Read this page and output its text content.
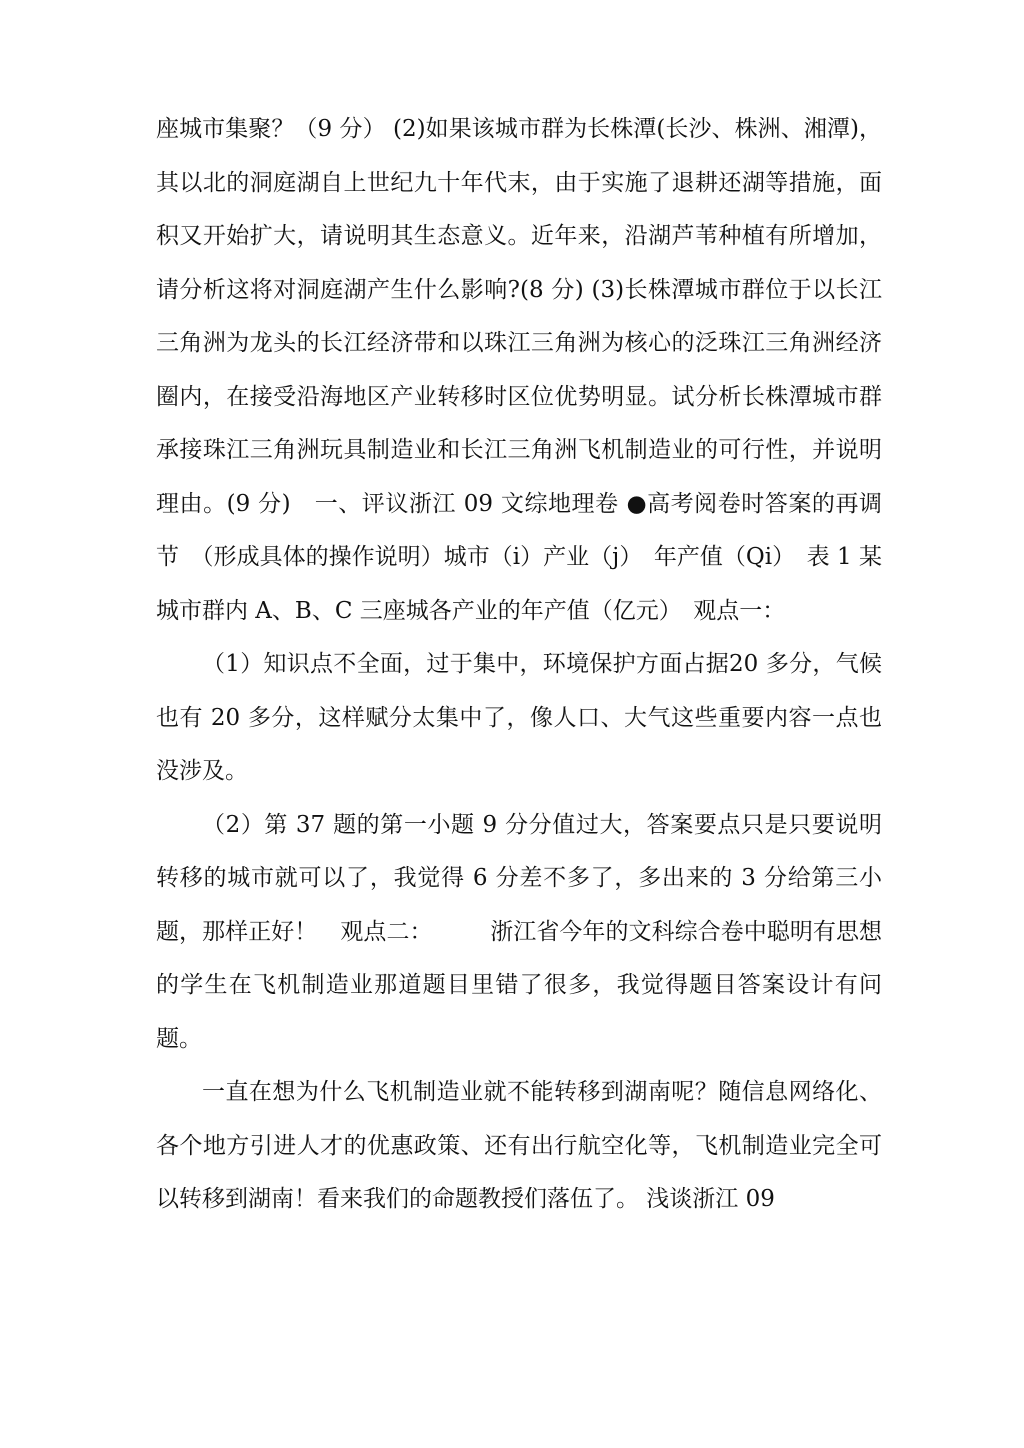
座城市集聚？（9 分） (2)如果该城市群为长株潭(长沙、株洲、湘潭)，其以北的洞庭湖自上世纪九十年代末，由于实施了退耕还湖等措施，面积又开始扩大，请说明其生态意义。近年来，沿湖芦苇种植有所增加，请分析这将对洞庭湖产生什么影响?(8 分) (3)长株潭城市群位于以长江三角洲为龙头的长江经济带和以珠江三角洲为核心的泛珠江三角洲经济圈内，在接受沿海地区产业转移时区位优势明显。试分析长株潭城市群承接珠江三角洲玩具制造业和长江三角洲飞机制造业的可行性，并说明理由。(9 分)　一、评议浙江 09 文综地理卷 ●高考阅卷时答案的再调节　（形成具体的操作说明）城市（i）产业（j）　年产值（Qi）　表 1 某城市群内 A、B、C 三座城各产业的年产值（亿元）　观点一：

（1）知识点不全面，过于集中，环境保护方面占据20 多分，气候也有 20 多分，这样赋分太集中了，像人口、大气这些重要内容一点也没涉及。

（2）第 37 题的第一小题 9 分分值过大，答案要点只是只要说明转移的城市就可以了，我觉得 6 分差不多了，多出来的 3 分给第三小题，那样正好！　观点二：　　　浙江省今年的文科综合卷中聪明有思想的学生在飞机制造业那道题目里错了很多，我觉得题目答案设计有问题。

一直在想为什么飞机制造业就不能转移到湖南呢？随信息网络化、各个地方引进人才的优惠政策、还有出行航空化等，飞机制造业完全可以转移到湖南！看来我们的命题教授们落伍了。 浅谈浙江 09
